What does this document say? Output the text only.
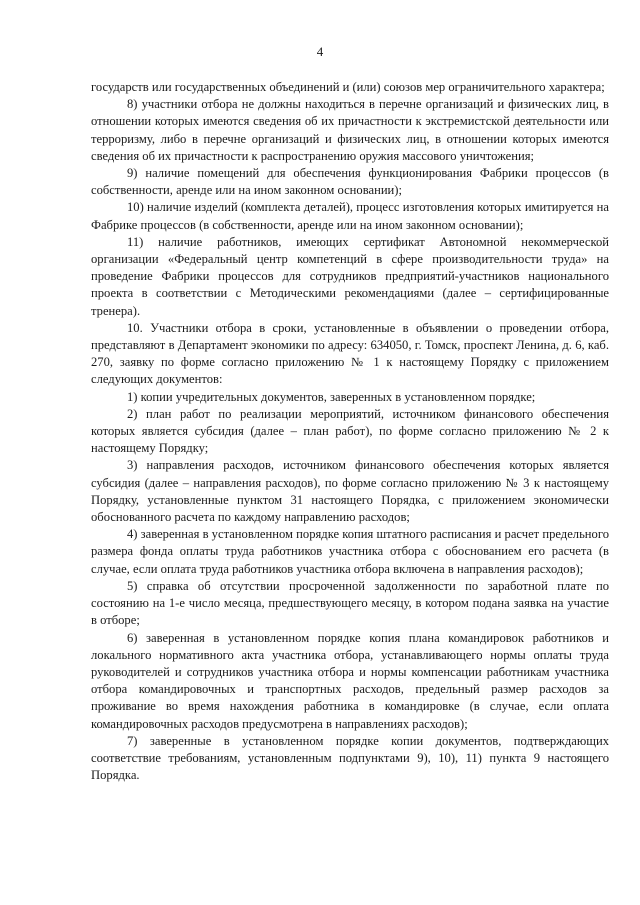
4

государств или государственных объединений и (или) союзов мер ограничительного характера;

8) участники отбора не должны находиться в перечне организаций и физических лиц, в отношении которых имеются сведения об их причастности к экстремистской деятельности или терроризму, либо в перечне организаций и физических лиц, в отношении которых имеются сведения об их причастности к распространению оружия массового уничтожения;

9) наличие помещений для обеспечения функционирования Фабрики процессов (в собственности, аренде или на ином законном основании);

10) наличие изделий (комплекта деталей), процесс изготовления которых имитируется на Фабрике процессов (в собственности, аренде или на ином законном основании);

11) наличие работников, имеющих сертификат Автономной некоммерческой организации «Федеральный центр компетенций в сфере производительности труда» на проведение Фабрики процессов для сотрудников предприятий-участников национального проекта в соответствии с Методическими рекомендациями (далее – сертифицированные тренера).

10. Участники отбора в сроки, установленные в объявлении о проведении отбора, представляют в Департамент экономики по адресу: 634050, г. Томск, проспект Ленина, д. 6, каб. 270, заявку по форме согласно приложению № 1 к настоящему Порядку с приложением следующих документов:

1) копии учредительных документов, заверенных в установленном порядке;

2) план работ по реализации мероприятий, источником финансового обеспечения которых является субсидия (далее – план работ), по форме согласно приложению № 2 к настоящему Порядку;

3) направления расходов, источником финансового обеспечения которых является субсидия (далее – направления расходов), по форме согласно приложению № 3 к настоящему Порядку, установленные пунктом 31 настоящего Порядка, с приложением экономически обоснованного расчета по каждому направлению расходов;

4) заверенная в установленном порядке копия штатного расписания и расчет предельного размера фонда оплаты труда работников участника отбора с обоснованием его расчета (в случае, если оплата труда работников участника отбора включена в направления расходов);

5) справка об отсутствии просроченной задолженности по заработной плате по состоянию на 1-е число месяца, предшествующего месяцу, в котором подана заявка на участие в отборе;

6) заверенная в установленном порядке копия плана командировок работников и локального нормативного акта участника отбора, устанавливающего нормы оплаты труда руководителей и сотрудников участника отбора и нормы компенсации работникам участника отбора командировочных и транспортных расходов, предельный размер расходов за проживание во время нахождения работника в командировке (в случае, если оплата командировочных расходов предусмотрена в направлениях расходов);

7) заверенные в установленном порядке копии документов, подтверждающих соответствие требованиям, установленным подпунктами 9), 10), 11) пункта 9 настоящего Порядка.
